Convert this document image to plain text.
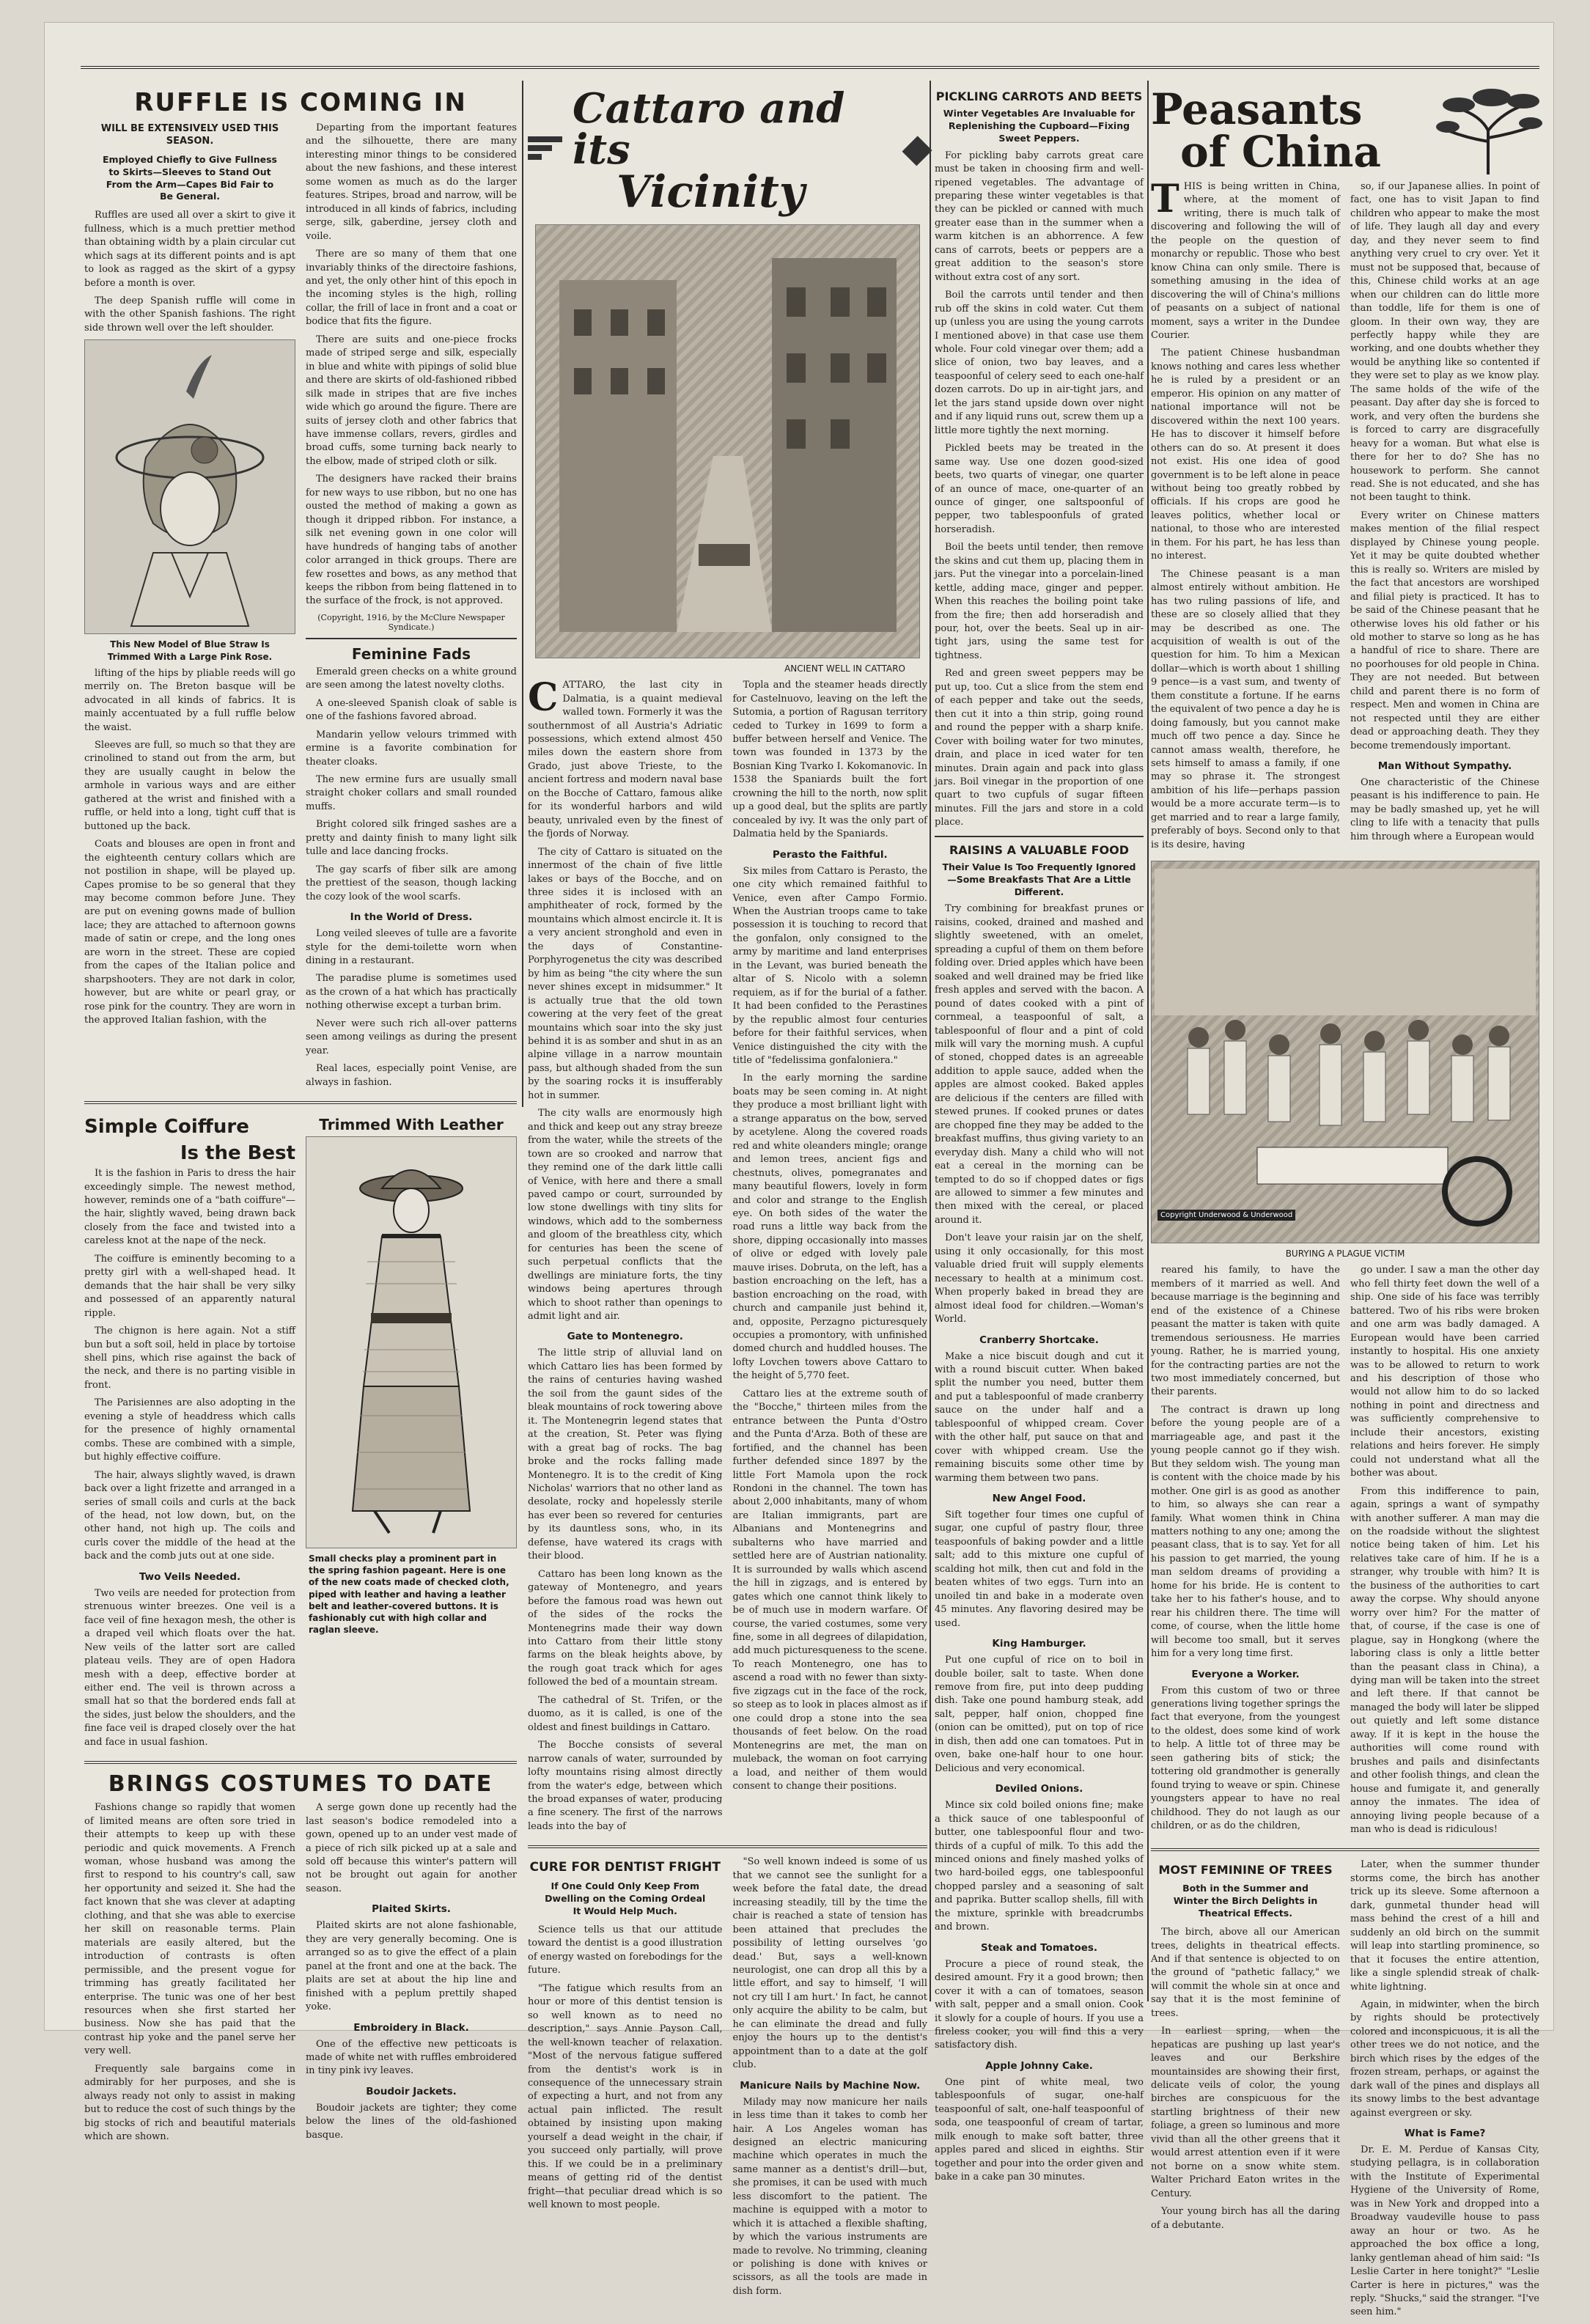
RUFFLE IS COMING IN
WILL BE EXTENSIVELY USED THIS SEASON.
Employed Chiefly to Give Fullness to Skirts—Sleeves to Stand Out From the Arm—Capes Bid Fair to Be General.

Ruffles are used all over a skirt to give it fullness, which is a much prettier method than obtaining width by a plain circular cut which sags at its different points and is apt to look as ragged as the skirt of a gypsy before a month is over.

The deep Spanish ruffle will come in with the other Spanish fashions. The right side thrown well over the left shoulder.

This New Model of Blue Straw Is Trimmed With a Large Pink Rose.

lifting of the hips by pliable reeds will go merrily on. The Breton basque will be advocated in all kinds of fabrics. It is mainly accentuated by a full ruffle below the waist.

Sleeves are full, so much so that they are crinolined to stand out from the arm, but they are usually caught in below the armhole in various ways and are either gathered at the wrist and finished with a ruffle, or held into a long, tight cuff that is buttoned up the back.

Coats and blouses are open in front and the eighteenth century collars which are not postilion in shape, will be played up. Capes promise to be so general that they may become common before June. They are put on evening gowns made of bullion lace; they are attached to afternoon gowns made of satin or crepe, and the long ones are worn in the street. These are copied from the capes of the Italian police and sharpshooters. They are not dark in color, however, but are white or pearl gray, or rose pink for the country. They are worn in the approved Italian fashion, with the

Departing from the important features and the silhouette, there are many interesting minor things to be considered about the new fashions, and these interest some women as much as do the larger features. Stripes, broad and narrow, will be introduced in all kinds of fabrics, including serge, silk, gaberdine, jersey cloth and voile.

There are so many of them that one invariably thinks of the directoire fashions, and yet, the only other hint of this epoch in the incoming styles is the high, rolling collar, the frill of lace in front and a coat or bodice that fits the figure.

There are suits and one-piece frocks made of striped serge and silk, especially in blue and white with pipings of solid blue and there are skirts of old-fashioned ribbed silk made in stripes that are five inches wide which go around the figure. There are suits of jersey cloth and other fabrics that have immense collars, revers, girdles and broad cuffs, some turning back nearly to the elbow, made of striped cloth or silk.

The designers have racked their brains for new ways to use ribbon, but no one has ousted the method of making a gown as though it dripped ribbon. For instance, a silk net evening gown in one color will have hundreds of hanging tabs of another color arranged in thick groups. There are few rosettes and bows, as any method that keeps the ribbon from being flattened in to the surface of the frock, is not approved.

(Copyright, 1916, by the McClure Newspaper Syndicate.)
Feminine Fads

Emerald green checks on a white ground are seen among the latest novelty cloths.

A one-sleeved Spanish cloak of sable is one of the fashions favored abroad.

Mandarin yellow velours trimmed with ermine is a favorite combination for theater cloaks.

The new ermine furs are usually small straight choker collars and small rounded muffs.

Bright colored silk fringed sashes are a pretty and dainty finish to many light silk tulle and lace dancing frocks.

The gay scarfs of fiber silk are among the prettiest of the season, though lacking the cozy look of the wool scarfs.

In the World of Dress.

Long veiled sleeves of tulle are a favorite style for the demi-toilette worn when dining in a restaurant.

The paradise plume is sometimes used as the crown of a hat which has practically nothing otherwise except a turban brim.

Never were such rich all-over patterns seen among veilings as during the present year.

Real laces, especially point Venise, are always in fashion.

Simple Coiffure
Is the Best

It is the fashion in Paris to dress the hair exceedingly simple. The newest method, however, reminds one of a "bath coiffure"—the hair, slightly waved, being drawn back closely from the face and twisted into a careless knot at the nape of the neck.

The coiffure is eminently becoming to a pretty girl with a well-shaped head. It demands that the hair shall be very silky and possessed of an apparently natural ripple.

The chignon is here again. Not a stiff bun but a soft soil, held in place by tortoise shell pins, which rise against the back of the neck, and there is no parting visible in front.

The Parisiennes are also adopting in the evening a style of headdress which calls for the presence of highly ornamental combs. These are combined with a simple, but highly effective coiffure.

The hair, always slightly waved, is drawn back over a light frizette and arranged in a series of small coils and curls at the back of the head, not low down, but, on the other hand, not high up. The coils and curls cover the middle of the head at the back and the comb juts out at one side.

Two Veils Needed.

Two veils are needed for protection from strenuous winter breezes. One veil is a face veil of fine hexagon mesh, the other is a draped veil which floats over the hat. New veils of the latter sort are called plateau veils. They are of open Hadora mesh with a deep, effective border at either end. The veil is thrown across a small hat so that the bordered ends fall at the sides, just below the shoulders, and the fine face veil is draped closely over the hat and face in usual fashion.

Trimmed With Leather
Small checks play a prominent part in the spring fashion pageant. Here is one of the new coats made of checked cloth, piped with leather and having a leather belt and leather-covered buttons. It is fashionably cut with high collar and raglan sleeve.
BRINGS COSTUMES TO DATE

Fashions change so rapidly that women of limited means are often sore tried in their attempts to keep up with these periodic and quick movements. A French woman, whose husband was among the first to respond to his country's call, saw her opportunity and seized it. She had the fact known that she was clever at adapting clothing, and that she was able to exercise her skill on reasonable terms. Plain materials are easily altered, but the introduction of contrasts is often permissible, and the present vogue for trimming has greatly facilitated her enterprise. The tunic was one of her best resources when she first started her business. Now she has paid that the contrast hip yoke and the panel serve her very well.

Frequently sale bargains come in admirably for her purposes, and she is always ready not only to assist in making but to reduce the cost of such things by the big stocks of rich and beautiful materials which are shown.

A serge gown done up recently had the last season's bodice remodeled into a gown, opened up to an under vest made of a piece of rich silk picked up at a sale and sold off because this winter's pattern will not be brought out again for another season.

Plaited Skirts.

Plaited skirts are not alone fashionable, they are very generally becoming. One is arranged so as to give the effect of a plain panel at the front and one at the back. The plaits are set at about the hip line and finished with a peplum prettily shaped yoke.

Embroidery in Black.

One of the effective new petticoats is made of white net with ruffles embroidered in tiny pink ivy leaves.

Boudoir Jackets.

Boudoir jackets are tighter; they come below the lines of the old-fashioned basque.

Cattaro and its
Vicinity
ANCIENT WELL IN CATTARO

CATTARO, the last city in Dalmatia, is a quaint medieval walled town. Formerly it was the southernmost of all Austria's Adriatic possessions, which extend almost 450 miles down the eastern shore from Grado, just above Trieste, to the ancient fortress and modern naval base on the Bocche of Cattaro, famous alike for its wonderful harbors and wild beauty, unrivaled even by the finest of the fjords of Norway.

The city of Cattaro is situated on the innermost of the chain of five little lakes or bays of the Bocche, and on three sides it is inclosed with an amphitheater of rock, formed by the mountains which almost encircle it. It is a very ancient stronghold and even in the days of Constantine-Porphyrogenetus the city was described by him as being "the city where the sun never shines except in midsummer." It is actually true that the old town cowering at the very feet of the great mountains which soar into the sky just behind it is as somber and shut in as an alpine village in a narrow mountain pass, but although shaded from the sun by the soaring rocks it is insufferably hot in summer.

The city walls are enormously high and thick and keep out any stray breeze from the water, while the streets of the town are so crooked and narrow that they remind one of the dark little calli of Venice, with here and there a small paved campo or court, surrounded by low stone dwellings with tiny slits for windows, which add to the somberness and gloom of the breathless city, which for centuries has been the scene of such perpetual conflicts that the dwellings are miniature forts, the tiny windows being apertures through which to shoot rather than openings to admit light and air.

Gate to Montenegro.

The little strip of alluvial land on which Cattaro lies has been formed by the rains of centuries having washed the soil from the gaunt sides of the bleak mountains of rock towering above it. The Montenegrin legend states that at the creation, St. Peter was flying with a great bag of rocks. The bag broke and the rocks falling made Montenegro. It is to the credit of King Nicholas' warriors that no other land as desolate, rocky and hopelessly sterile has ever been so revered for centuries by its dauntless sons, who, in its defense, have watered its crags with their blood.

Cattaro has been long known as the gateway of Montenegro, and years before the famous road was hewn out of the sides of the rocks the Montenegrins made their way down into Cattaro from their little stony farms on the bleak heights above, by the rough goat track which for ages followed the bed of a mountain stream.

The cathedral of St. Trifen, or the duomo, as it is called, is one of the oldest and finest buildings in Cattaro.

The Bocche consists of several narrow canals of water, surrounded by lofty mountains rising almost directly from the water's edge, between which the broad expanses of water, producing a fine scenery. The first of the narrows leads into the bay of

Topla and the steamer heads directly for Castelnuovo, leaving on the left the Sutomia, a portion of Ragusan territory ceded to Turkey in 1699 to form a buffer between herself and Venice. The town was founded in 1373 by the Bosnian King Tvarko I. Kokomanovic. In 1538 the Spaniards built the fort crowning the hill to the north, now split up a good deal, but the splits are partly concealed by ivy. It was the only part of Dalmatia held by the Spaniards.

Perasto the Faithful.

Six miles from Cattaro is Perasto, the one city which remained faithful to Venice, even after Campo Formio. When the Austrian troops came to take possession it is touching to record that the gonfalon, only consigned to the army by maritime and land enterprises in the Levant, was buried beneath the altar of S. Nicolo with a solemn requiem, as if for the burial of a father. It had been confided to the Perastines by the republic almost four centuries before for their faithful services, when Venice distinguished the city with the title of "fedelissima gonfaloniera."

In the early morning the sardine boats may be seen coming in. At night they produce a most brilliant light with a strange apparatus on the bow, served by acetylene. Along the covered roads red and white oleanders mingle; orange and lemon trees, ancient figs and chestnuts, olives, pomegranates and many beautiful flowers, lovely in form and color and strange to the English eye. On both sides of the water the road runs a little way back from the shore, dipping occasionally into masses of olive or edged with lovely pale mauve irises. Dobruta, on the left, has a bastion encroaching on the left, has a bastion encroaching on the road, with church and campanile just behind it, and, opposite, Perzagno picturesquely occupies a promontory, with unfinished domed church and huddled houses. The lofty Lovchen towers above Cattaro to the height of 5,770 feet.

Cattaro lies at the extreme south of the "Bocche," thirteen miles from the entrance between the Punta d'Ostro and the Punta d'Arza. Both of these are fortified, and the channel has been further defended since 1897 by the little Fort Mamola upon the rock Rondoni in the channel. The town has about 2,000 inhabitants, many of whom are Italian immigrants, part are Albanians and Montenegrins and subalterns who have married and settled here are of Austrian nationality. It is surrounded by walls which ascend the hill in zigzags, and is entered by gates which one cannot think likely to be of much use in modern warfare. Of course, the varied costumes, some very fine, some in all degrees of dilapidation, add much picturesqueness to the scene. To reach Montenegro, one has to ascend a road with no fewer than sixty-five zigzags cut in the face of the rock, so steep as to look in places almost as if one could drop a stone into the sea thousands of feet below. On the road Montenegrins are met, the man on muleback, the woman on foot carrying a load, and neither of them would consent to change their positions.

CURE FOR DENTIST FRIGHT
If One Could Only Keep From Dwelling on the Coming Ordeal It Would Help Much.

Science tells us that our attitude toward the dentist is a good illustration of energy wasted on forebodings for the future.

"The fatigue which results from an hour or more of this dentist tension is so well known as to need no description," says Annie Payson Call, the well-known teacher of relaxation. "Most of the nervous fatigue suffered from the dentist's work is in consequence of the unnecessary strain of expecting a hurt, and not from any actual pain inflicted. The result obtained by insisting upon making yourself a dead weight in the chair, if you succeed only partially, will prove this. If we could be in a preliminary means of getting rid of the dentist fright—that peculiar dread which is so well known to most people.

"So well known indeed is some of us that we cannot see the sunlight for a week before the fatal date, the dread increasing steadily, till by the time the chair is reached a state of tension has been attained that precludes the possibility of letting ourselves 'go dead.' But, says a well-known neurologist, one can drop all this by a little effort, and say to himself, 'I will not cry till I am hurt.' In fact, he cannot only acquire the ability to be calm, but he can eliminate the dread and fully enjoy the hours up to the dentist's appointment than to a date at the golf club.

Manicure Nails by Machine Now.

Milady may now manicure her nails in less time than it takes to comb her hair. A Los Angeles woman has designed an electric manicuring machine which operates in much the same manner as a dentist's drill—but, she promises, it can be used with much less discomfort to the patient. The machine is equipped with a motor to which it is attached a flexible shafting, by which the various instruments are made to revolve. No trimming, cleaning or polishing is done with knives or scissors, as all the tools are made in dish form.

PICKLING CARROTS AND BEETS
Winter Vegetables Are Invaluable for Replenishing the Cupboard—Fixing Sweet Peppers.

For pickling baby carrots great care must be taken in choosing firm and well-ripened vegetables. The advantage of preparing these winter vegetables is that they can be pickled or canned with much greater ease than in the summer when a warm kitchen is an abhorrence. A few cans of carrots, beets or peppers are a great addition to the season's store without extra cost of any sort.

Boil the carrots until tender and then rub off the skins in cold water. Cut them up (unless you are using the young carrots I mentioned above) in that case use them whole. Four cold vinegar over them; add a slice of onion, two bay leaves, and a teaspoonful of celery seed to each one-half dozen carrots. Do up in air-tight jars, and let the jars stand upside down over night and if any liquid runs out, screw them up a little more tightly the next morning.

Pickled beets may be treated in the same way. Use one dozen good-sized beets, two quarts of vinegar, one quarter of an ounce of mace, one-quarter of an ounce of ginger, one saltspoonful of pepper, two tablespoonfuls of grated horseradish.

Boil the beets until tender, then remove the skins and cut them up, placing them in jars. Put the vinegar into a porcelain-lined kettle, adding mace, ginger and pepper. When this reaches the boiling point take from the fire; then add horseradish and pour, hot, over the beets. Seal up in air-tight jars, using the same test for tightness.

Red and green sweet peppers may be put up, too. Cut a slice from the stem end of each pepper and take out the seeds, then cut it into a thin strip, going round and round the pepper with a sharp knife. Cover with boiling water for two minutes, drain, and place in iced water for ten minutes. Drain again and pack into glass jars. Boil vinegar in the proportion of one quart to two cupfuls of sugar fifteen minutes. Fill the jars and store in a cold place.

RAISINS A VALUABLE FOOD
Their Value Is Too Frequently Ignored —Some Breakfasts That Are a Little Different.

Try combining for breakfast prunes or raisins, cooked, drained and mashed and slightly sweetened, with an omelet, spreading a cupful of them on them before folding over. Dried apples which have been soaked and well drained may be fried like fresh apples and served with the bacon. A pound of dates cooked with a pint of cornmeal, a teaspoonful of salt, a tablespoonful of flour and a pint of cold milk will vary the morning mush. A cupful of stoned, chopped dates is an agreeable addition to apple sauce, added when the apples are almost cooked. Baked apples are delicious if the centers are filled with stewed prunes. If cooked prunes or dates are chopped fine they may be added to the breakfast muffins, thus giving variety to an everyday dish. Many a child who will not eat a cereal in the morning can be tempted to do so if chopped dates or figs are allowed to simmer a few minutes and then mixed with the cereal, or placed around it.

Don't leave your raisin jar on the shelf, using it only occasionally, for this most valuable dried fruit will supply elements necessary to health at a minimum cost. When properly baked in bread they are almost ideal food for children.—Woman's World.

Cranberry Shortcake.

Make a nice biscuit dough and cut it with a round biscuit cutter. When baked split the number you need, butter them and put a tablespoonful of made cranberry sauce on the under half and a tablespoonful of whipped cream. Cover with the other half, put sauce on that and cover with whipped cream. Use the remaining biscuits some other time by warming them between two pans.

New Angel Food.

Sift together four times one cupful of sugar, one cupful of pastry flour, three teaspoonfuls of baking powder and a little salt; add to this mixture one cupful of scalding hot milk, then cut and fold in the beaten whites of two eggs. Turn into an unoiled tin and bake in a moderate oven 45 minutes. Any flavoring desired may be used.

King Hamburger.

Put one cupful of rice on to boil in double boiler, salt to taste. When done remove from fire, put into deep pudding dish. Take one pound hamburg steak, add salt, pepper, half onion, chopped fine (onion can be omitted), put on top of rice in dish, then add one can tomatoes. Put in oven, bake one-half hour to one hour. Delicious and very economical.

Deviled Onions.

Mince six cold boiled onions fine; make a thick sauce of one tablespoonful of butter, one tablespoonful flour and two-thirds of a cupful of milk. To this add the minced onions and finely mashed yolks of two hard-boiled eggs, one tablespoonful chopped parsley and a seasoning of salt and paprika. Butter scallop shells, fill with the mixture, sprinkle with breadcrumbs and brown.

Steak and Tomatoes.

Procure a piece of round steak, the desired amount. Fry it a good brown; then cover it with a can of tomatoes, season with salt, pepper and a small onion. Cook it slowly for a couple of hours. If you use a fireless cooker, you will find this a very satisfactory dish.

Apple Johnny Cake.

One pint of white meal, two tablespoonfuls of sugar, one-half teaspoonful of salt, one-half teaspoonful of soda, one teaspoonful of cream of tartar, milk enough to make soft batter, three apples pared and sliced in eighths. Stir together and pour into the order given and bake in a cake pan 30 minutes.

Peasants
of China

THIS is being written in China, where, at the moment of writing, there is much talk of discovering and following the will of the people on the question of monarchy or republic. Those who best know China can only smile. There is something amusing in the idea of discovering the will of China's millions of peasants on a subject of national moment, says a writer in the Dundee Courier.

The patient Chinese husbandman knows nothing and cares less whether he is ruled by a president or an emperor. His opinion on any matter of national importance will not be discovered within the next 100 years. He has to discover it himself before others can do so. At present it does not exist. His one idea of good government is to be left alone in peace without being too greatly robbed by officials. If his crops are good he leaves politics, whether local or national, to those who are interested in them. For his part, he has less than no interest.

The Chinese peasant is a man almost entirely without ambition. He has two ruling passions of life, and these are so closely allied that they may be described as one. The acquisition of wealth is out of the question for him. To him a Mexican dollar—which is worth about 1 shilling 9 pence—is a vast sum, and twenty of them constitute a fortune. If he earns the equivalent of two pence a day he is doing famously, but you cannot make much off two pence a day. Since he cannot amass wealth, therefore, he sets himself to amass a family, if one may so phrase it. The strongest ambition of his life—perhaps passion would be a more accurate term—is to get married and to rear a large family, preferably of boys. Second only to that is its desire, having

so, if our Japanese allies. In point of fact, one has to visit Japan to find children who appear to make the most of life. They laugh all day and every day, and they never seem to find anything very cruel to cry over. Yet it must not be supposed that, because of this, Chinese child works at an age when our children can do little more than toddle, life for them is one of gloom. In their own way, they are perfectly happy while they are working, and one doubts whether they would be anything like so contented if they were set to play as we know play. The same holds of the wife of the peasant. Day after day she is forced to work, and very often the burdens she is forced to carry are disgracefully heavy for a woman. But what else is there for her to do? She has no housework to perform. She cannot read. She is not educated, and she has not been taught to think.

Every writer on Chinese matters makes mention of the filial respect displayed by Chinese young people. Yet it may be quite doubted whether this is really so. Writers are misled by the fact that ancestors are worshiped and filial piety is practiced. It has to be said of the Chinese peasant that he otherwise loves his old father or his old mother to starve so long as he has a handful of rice to share. There are no poorhouses for old people in China. They are not needed. But between child and parent there is no form of respect. Men and women in China are not respected until they are either dead or approaching death. They they become tremendously important.

Man Without Sympathy.

One characteristic of the Chinese peasant is his indifference to pain. He may be badly smashed up, yet he will cling to life with a tenacity that pulls him through where a European would

Copyright Underwood & Underwood
BURYING A PLAGUE VICTIM

reared his family, to have the members of it married as well. And because marriage is the beginning and end of the existence of a Chinese peasant the matter is taken with quite tremendous seriousness. He marries young. Rather, he is married young, for the contracting parties are not the two most immediately concerned, but their parents.

The contract is drawn up long before the young people are of a marriageable age, and past it the young people cannot go if they wish. But they seldom wish. The young man is content with the choice made by his mother. One girl is as good as another to him, so always she can rear a family. What women think in China matters nothing to any one; among the peasant class, that is to say. Yet for all his passion to get married, the young man seldom dreams of providing a home for his bride. He is content to take her to his father's house, and to rear his children there. The time will come, of course, when the little home will become too small, but it serves him for a very long time first.

Everyone a Worker.

From this custom of two or three generations living together springs the fact that everyone, from the youngest to the oldest, does some kind of work to help. A little tot of three may be seen gathering bits of stick; the tottering old grandmother is generally found trying to weave or spin. Chinese youngsters appear to have no real childhood. They do not laugh as our children, or as do the children,

go under. I saw a man the other day who fell thirty feet down the well of a ship. One side of his face was terribly battered. Two of his ribs were broken and one arm was badly damaged. A European would have been carried instantly to hospital. His one anxiety was to be allowed to return to work and his description of those who would not allow him to do so lacked nothing in point and directness and was sufficiently comprehensive to include their ancestors, existing relations and heirs forever. He simply could not understand what all the bother was about.

From this indifference to pain, again, springs a want of sympathy with another sufferer. A man may die on the roadside without the slightest notice being taken of him. Let his relatives take care of him. If he is a stranger, why trouble with him? It is the business of the authorities to cart away the corpse. Why should anyone worry over him? For the matter of that, of course, if the case is one of plague, say in Hongkong (where the laboring class is only a little better than the peasant class in China), a dying man will be taken into the street and left there. If that cannot be managed the body will later be slipped out quietly and left some distance away. If it is kept in the house the authorities will come round with brushes and pails and disinfectants and other foolish things, and clean the house and fumigate it, and generally annoy the inmates. The idea of annoying living people because of a man who is dead is ridiculous!

MOST FEMININE OF TREES
Both in the Summer and Winter the Birch Delights in Theatrical Effects.

The birch, above all our American trees, delights in theatrical effects. And if that sentence is objected to on the ground of "pathetic fallacy," we will commit the whole sin at once and say that it is the most feminine of trees.

In earliest spring, when the hepaticas are pushing up last year's leaves and our Berkshire mountainsides are showing their first, delicate veils of color, the young birches are conspicuous for the startling brightness of their new foliage, a green so luminous and more vivid than all the other greens that it would arrest attention even if it were not borne on a snow white stem. Walter Prichard Eaton writes in the Century.

Your young birch has all the daring of a debutante.

Later, when the summer thunder storms come, the birch has another trick up its sleeve. Some afternoon a dark, gunmetal thunder head will mass behind the crest of a hill and suddenly an old birch on the summit will leap into startling prominence, so that it focuses the entire attention, like a single splendid streak of chalk-white lightning.

Again, in midwinter, when the birch by rights should be protectively colored and inconspicuous, it is all the other trees we do not notice, and the birch which rises by the edges of the frozen stream, perhaps, or against the dark wall of the pines and displays all its snowy limbs to the best advantage against evergreen or sky.

What is Fame?

Dr. E. M. Perdue of Kansas City, studying pellagra, is in collaboration with the Institute of Experimental Hygiene of the University of Rome, was in New York and dropped into a Broadway vaudeville house to pass away an hour or two. As he approached the box office a long, lanky gentleman ahead of him said: "Is Leslie Carter in here tonight?" "Leslie Carter is here in pictures," was the reply. "Shucks," said the stranger. "I've seen him."
